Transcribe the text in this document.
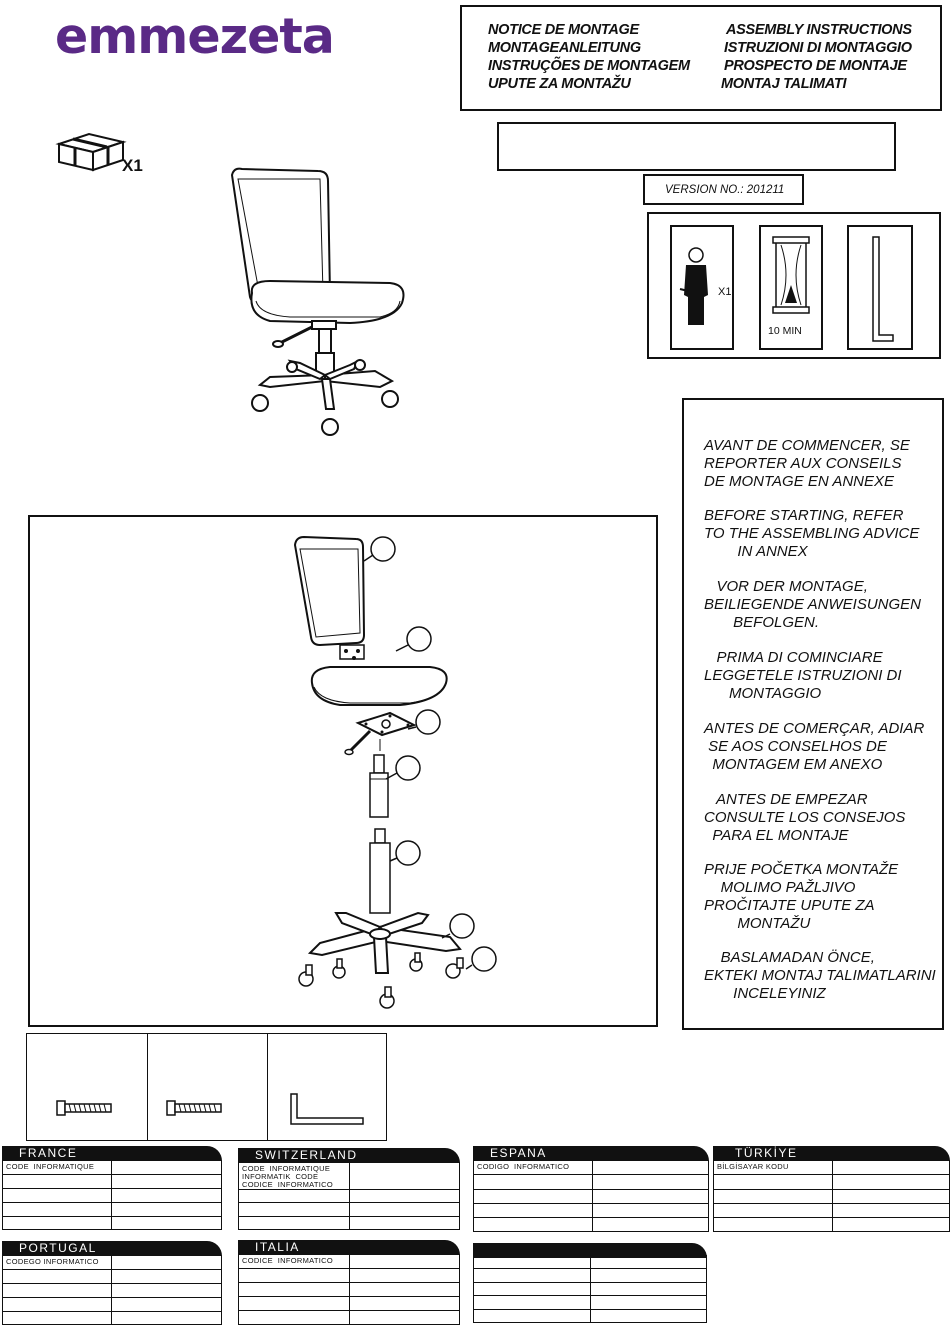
emmezeta	NOTICE DE MONTAGE
MONTAGEANLEITUNG
INSTRUÇÕES DE MONTAGEM
UPUTE ZA MONTAŽU
ASSEMBLY INSTRUCTIONS
ISTRUZIONI DI MONTAGGIO
PROSPECTO DE MONTAJE
MONTAJ TALIMATI
X1
VERSION NO.: 201211
X1
10 MIN
AVANT DE COMMENCER, SE
REPORTER AUX CONSEILS
DE MONTAGE EN ANNEXE
BEFORE STARTING, REFER
TO THE ASSEMBLING ADVICE
IN ANNEX
VOR DER MONTAGE,
BEILIEGENDE ANWEISUNGEN
BEFOLGEN.
PRIMA DI COMINCIARE
LEGGETELE ISTRUZIONI DI
MONTAGGIO
ANTES DE COMERÇAR, ADIAR
SE AOS CONSELHOS DE
MONTAGEM EM ANEXO
ANTES DE EMPEZAR
CONSULTE LOS CONSEJOS
PARA EL MONTAJE
PRIJE POČETKA MONTAŽE
MOLIMO PAŽLJIVO
PROČITAJTE UPUTE ZA
MONTAŽU
BASLAMADAN ÖNCE,
EKTEKI MONTAJ TALIMATLARINI
INCELEYINIZ
FRANCE
CODE  INFORMATIQUE
SWITZERLAND
CODE  INFORMATIQUE
INFORMATIK  CODE
CODICE  INFORMATICO
ESPANA
CODIGO  INFORMATICO
TÜRKİYE
BİLGİSAYAR KODU
PORTUGAL
CODEGO INFORMATICO
ITALIA
CODICE  INFORMATICO
